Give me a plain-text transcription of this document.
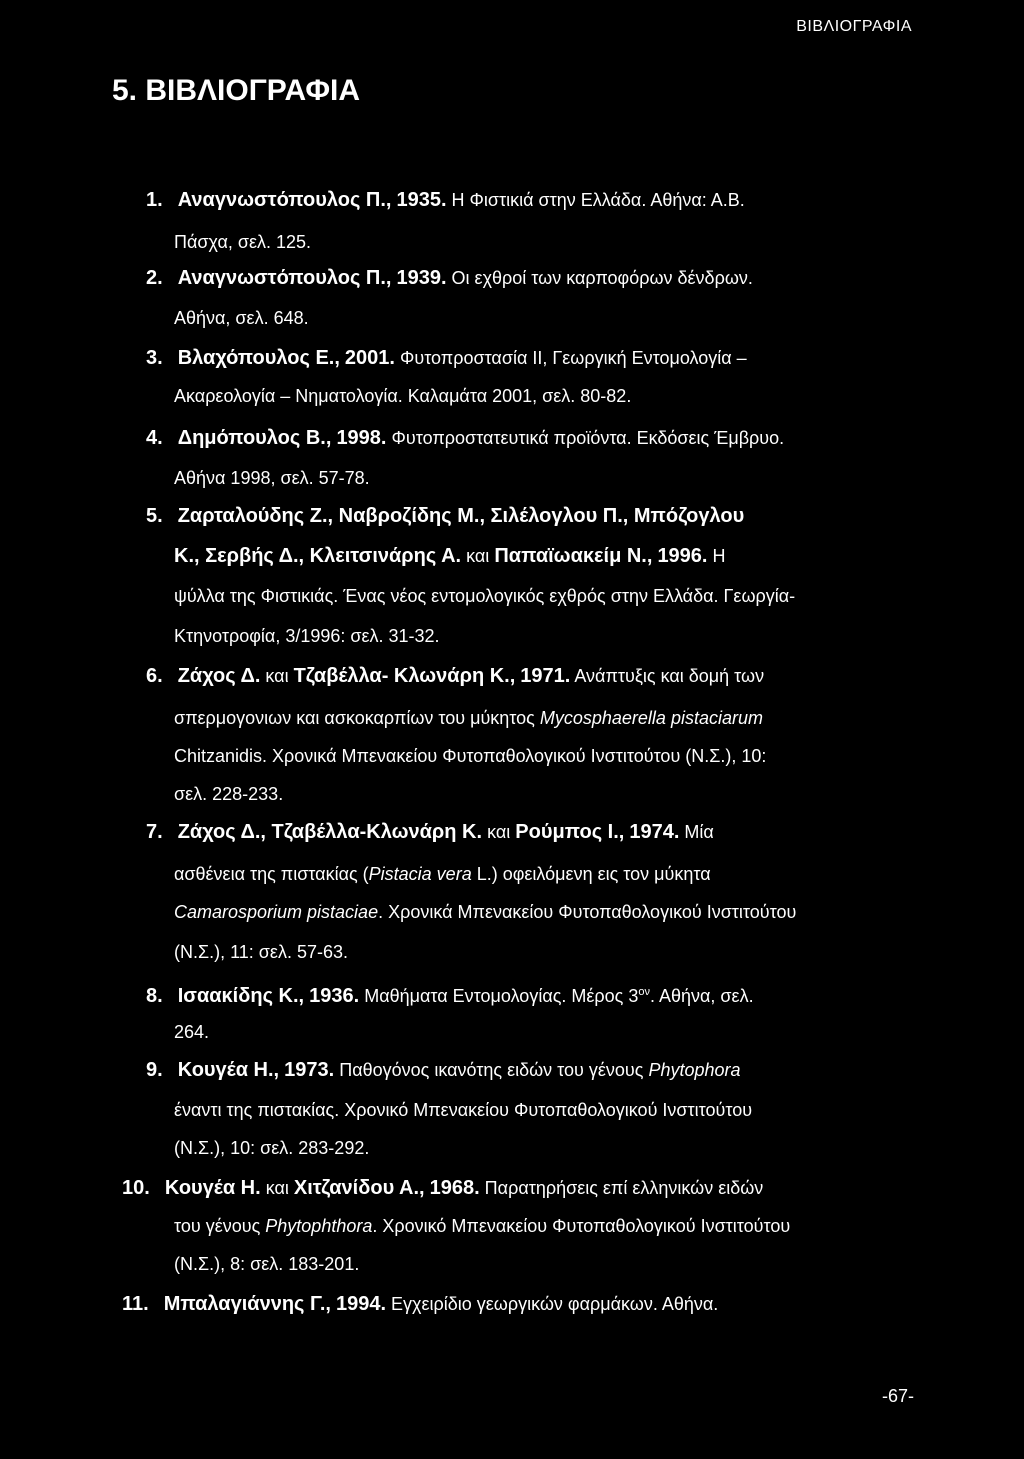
ΒΙΒΛΙΟΓΡΑΦΙΑ
5. ΒΙΒΛΙΟΓΡΑΦΙΑ
1. Αναγνωστόπουλος Π., 1935. Η Φιστικιά στην Ελλάδα. Αθήνα: Α.Β.
Πάσχα, σελ. 125.
2. Αναγνωστόπουλος Π., 1939. Οι εχθροί των καρποφόρων δένδρων.
Αθήνα, σελ. 648.
3. Βλαχόπουλος Ε., 2001. Φυτοπροστασία ΙΙ, Γεωργική Εντομολογία –
Ακαρεολογία – Νηματολογία. Καλαμάτα 2001, σελ. 80-82.
4. Δημόπουλος Β., 1998. Φυτοπροστατευτικά προϊόντα. Εκδόσεις Έμβρυο.
Αθήνα 1998, σελ. 57-78.
5. Ζαρταλούδης Ζ., Ναβροζίδης Μ., Σιλέλογλου Π., Μπόζογλου
Κ., Σερβής Δ., Κλειτσινάρης Α. και Παπαϊωακείμ Ν., 1996. Η
ψύλλα της Φιστικιάς. Ένας νέος εντομολογικός εχθρός στην Ελλάδα. Γεωργία-
Κτηνοτροφία, 3/1996: σελ. 31-32.
6. Ζάχος Δ. και Τζαβέλλα- Κλωνάρη Κ., 1971. Ανάπτυξις και δομή των
σπερμογονιων και ασκοκαρπίων του μύκητος Mycosphaerella pistaciarum
Chitzanidis. Χρονικά Μπενακείου Φυτοπαθολογικού Ινστιτούτου (Ν.Σ.), 10:
σελ. 228-233.
7. Ζάχος Δ., Τζαβέλλα-Κλωνάρη Κ. και Ρούμπος Ι., 1974. Μία
ασθένεια της πιστακίας (Pistacia vera L.) οφειλόμενη εις τον μύκητα
Camarosporium pistaciae. Χρονικά Μπενακείου Φυτοπαθολογικού Ινστιτούτου
(Ν.Σ.), 11: σελ. 57-63.
8. Ισαακίδης Κ., 1936. Μαθήματα Εντομολογίας. Μέρος $3^{o\nu}$. Αθήνα, σελ.
264.
9. Κουγέα Η., 1973. Παθογόνος ικανότης ειδών του γένους Phytophora
έναντι της πιστακίας. Χρονικό Μπενακείου Φυτοπαθολογικού Ινστιτούτου
(Ν.Σ.), 10: σελ. 283-292.
10. Κουγέα Η. και Χιτζανίδου Α., 1968. Παρατηρήσεις επί ελληνικών ειδών
του γένους Phytophthora. Χρονικό Μπενακείου Φυτοπαθολογικού Ινστιτούτου
(Ν.Σ.), 8: σελ. 183-201.
11. Μπαλαγιάννης Γ., 1994. Εγχειρίδιο γεωργικών φαρμάκων. Αθήνα.
-67-
